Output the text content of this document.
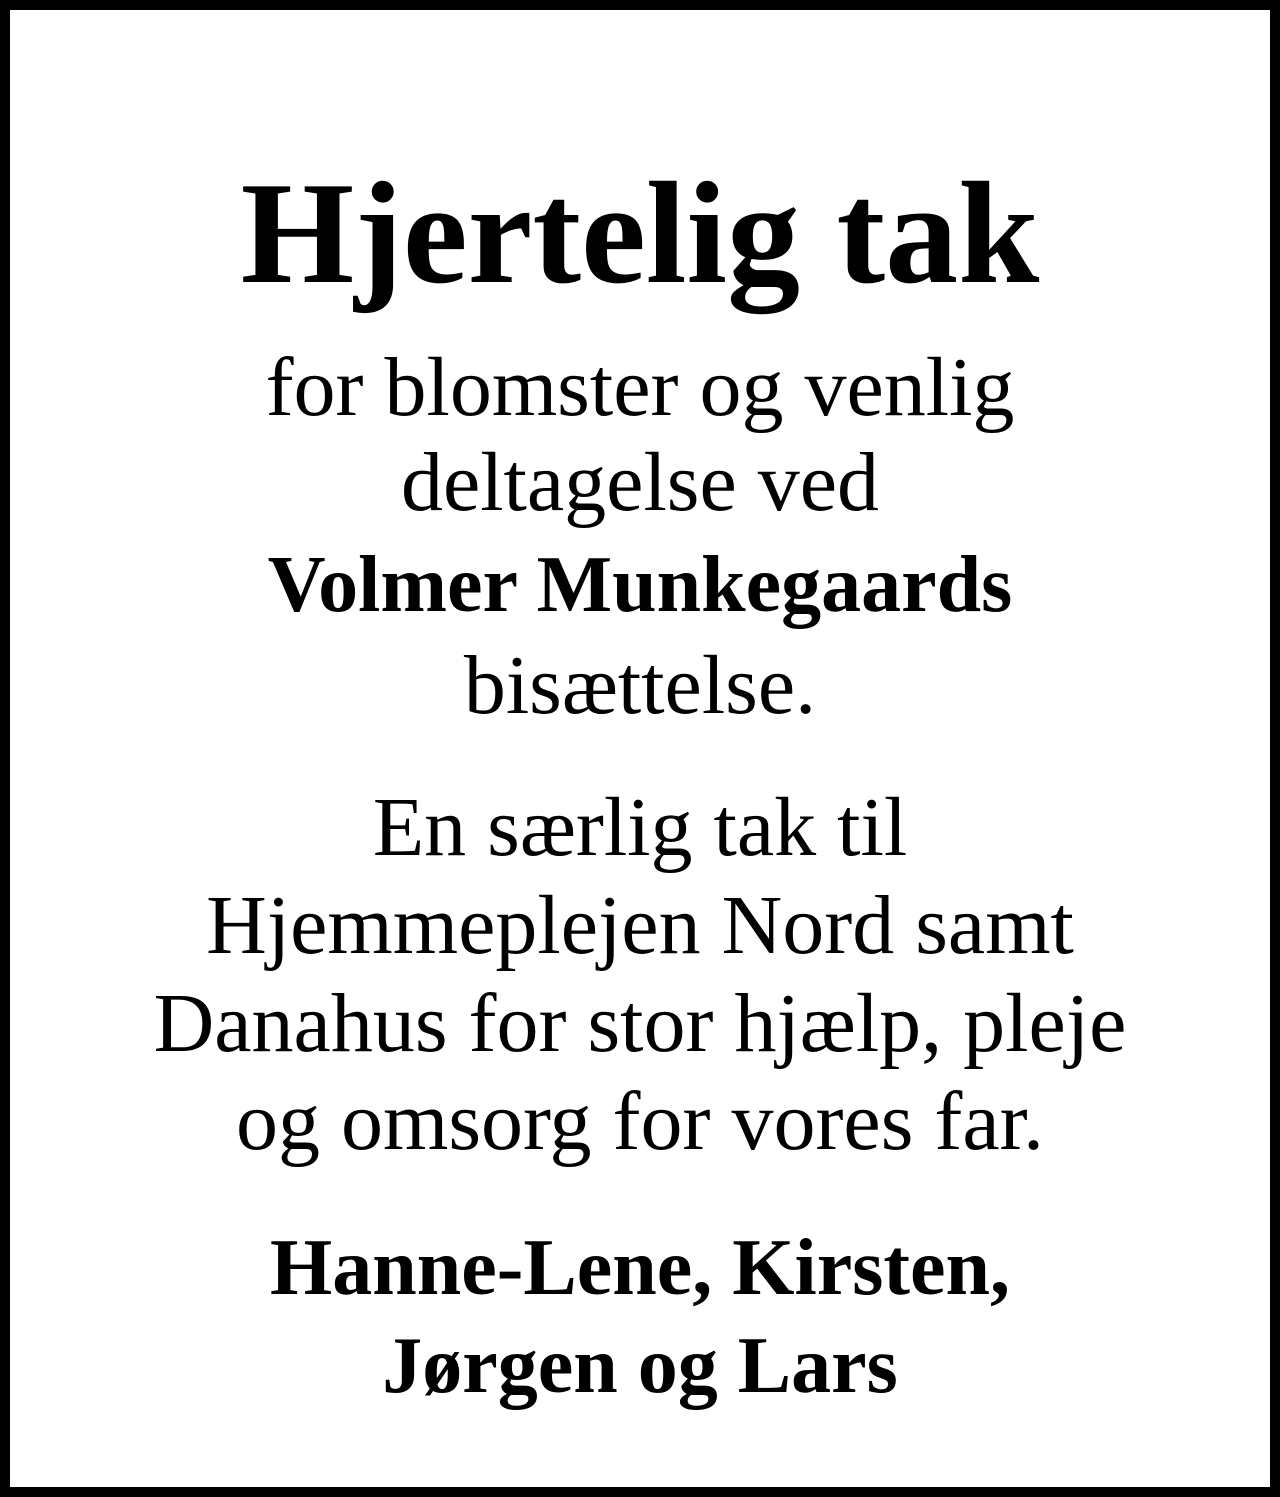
Hjertelig tak

for blomster og venlig

deltagelse ved

Volmer Munkegaards

bisættelse.

En særlig tak til

Hjemmeplejen Nord samt

Danahus for stor hjælp, pleje

og omsorg for vores far.

Hanne-Lene, Kirsten,

Jørgen og Lars
